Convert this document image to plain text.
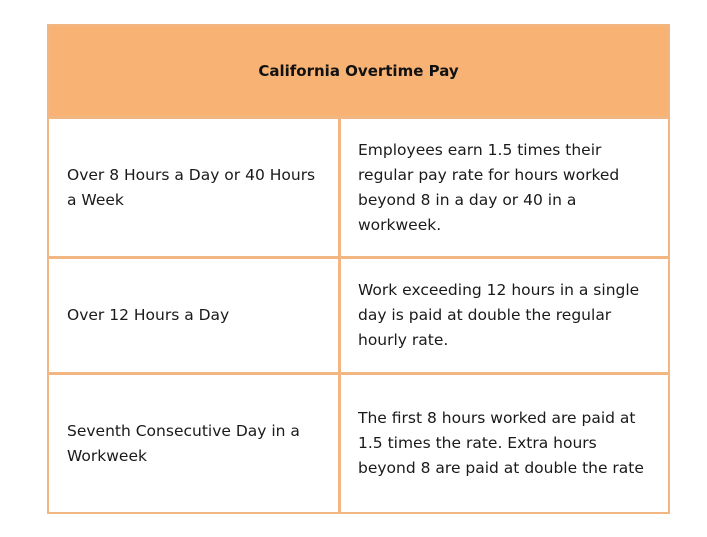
California Overtime Pay
Over 8 Hours a Day or 40 Hours a Week
Employees earn 1.5 times their regular pay rate for hours worked beyond 8 in a day or 40 in a workweek.
Over 12 Hours a Day
Work exceeding 12 hours in a single day is paid at double the regular hourly rate.
Seventh Consecutive Day in a Workweek
The first 8 hours worked are paid at 1.5 times the rate. Extra hours beyond 8 are paid at double the rate
